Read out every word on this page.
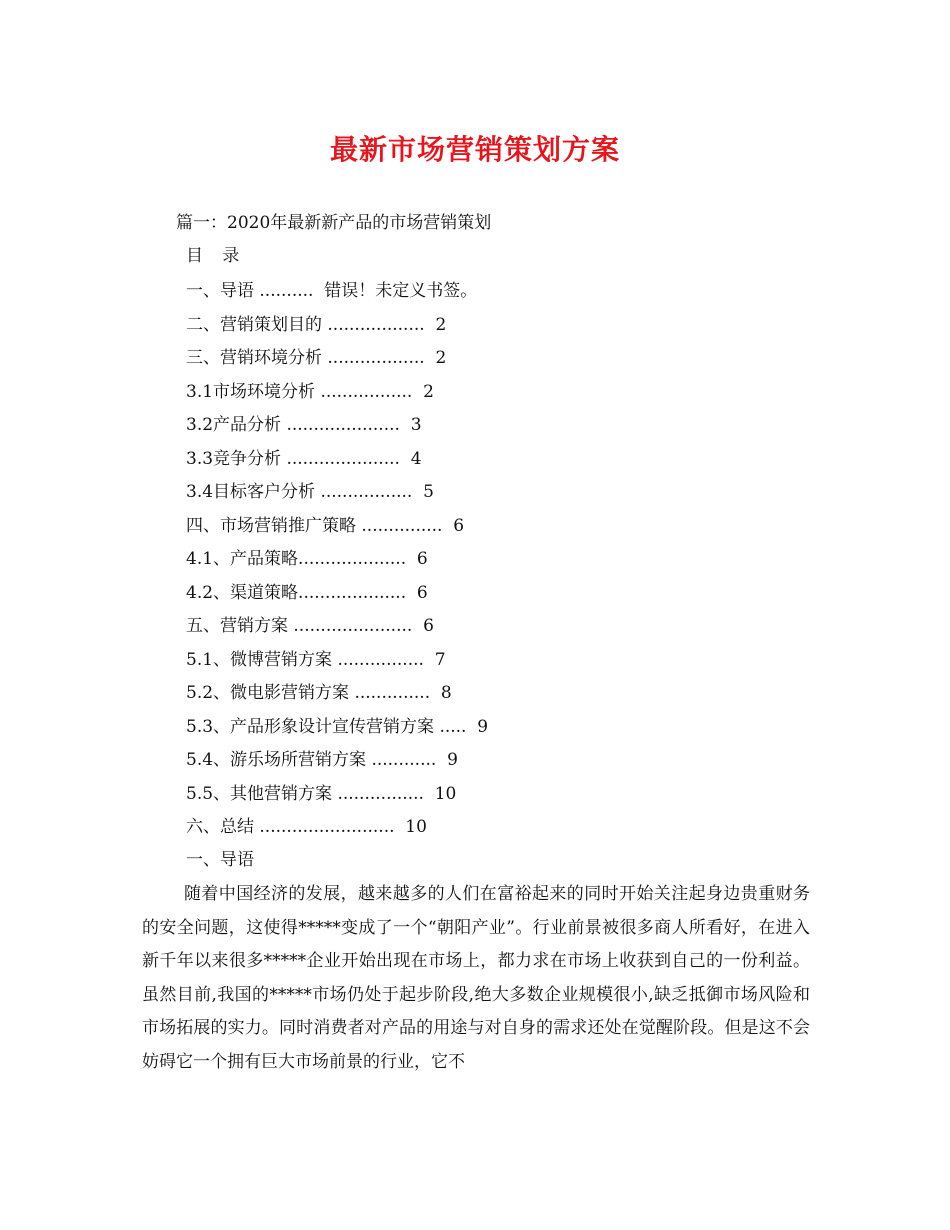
最新市场营销策划方案
篇一：2020年最新新产品的市场营销策划
目 录
一、导语 ..........  错误！未定义书签。
二、营销策划目的 ..................  2
三、营销环境分析 ..................  2
3.1市场环境分析 .................  2
3.2产品分析 .....................  3
3.3竞争分析 .....................  4
3.4目标客户分析 .................  5
四、市场营销推广策略 ...............  6
4.1、产品策略....................  6
4.2、渠道策略....................  6
五、营销方案 ......................  6
5.1、微博营销方案 ................  7
5.2、微电影营销方案 ..............  8
5.3、产品形象设计宣传营销方案 .....  9
5.4、游乐场所营销方案 ............  9
5.5、其他营销方案 ................  10
六、总结 .........................  10
一、导语

随着中国经济的发展，越来越多的人们在富裕起来的同时开始关注起身边贵重财务的安全问题，这使得*****变成了一个“朝阳产业”。行业前景被很多商人所看好，在进入新千年以来很多*****企业开始出现在市场上，都力求在市场上收获到自己的一份利益。虽然目前,我国的*****市场仍处于起步阶段,绝大多数企业规模很小,缺乏抵御市场风险和市场拓展的实力。同时消费者对产品的用途与对自身的需求还处在觉醒阶段。但是这不会妨碍它一个拥有巨大市场前景的行业，它不
